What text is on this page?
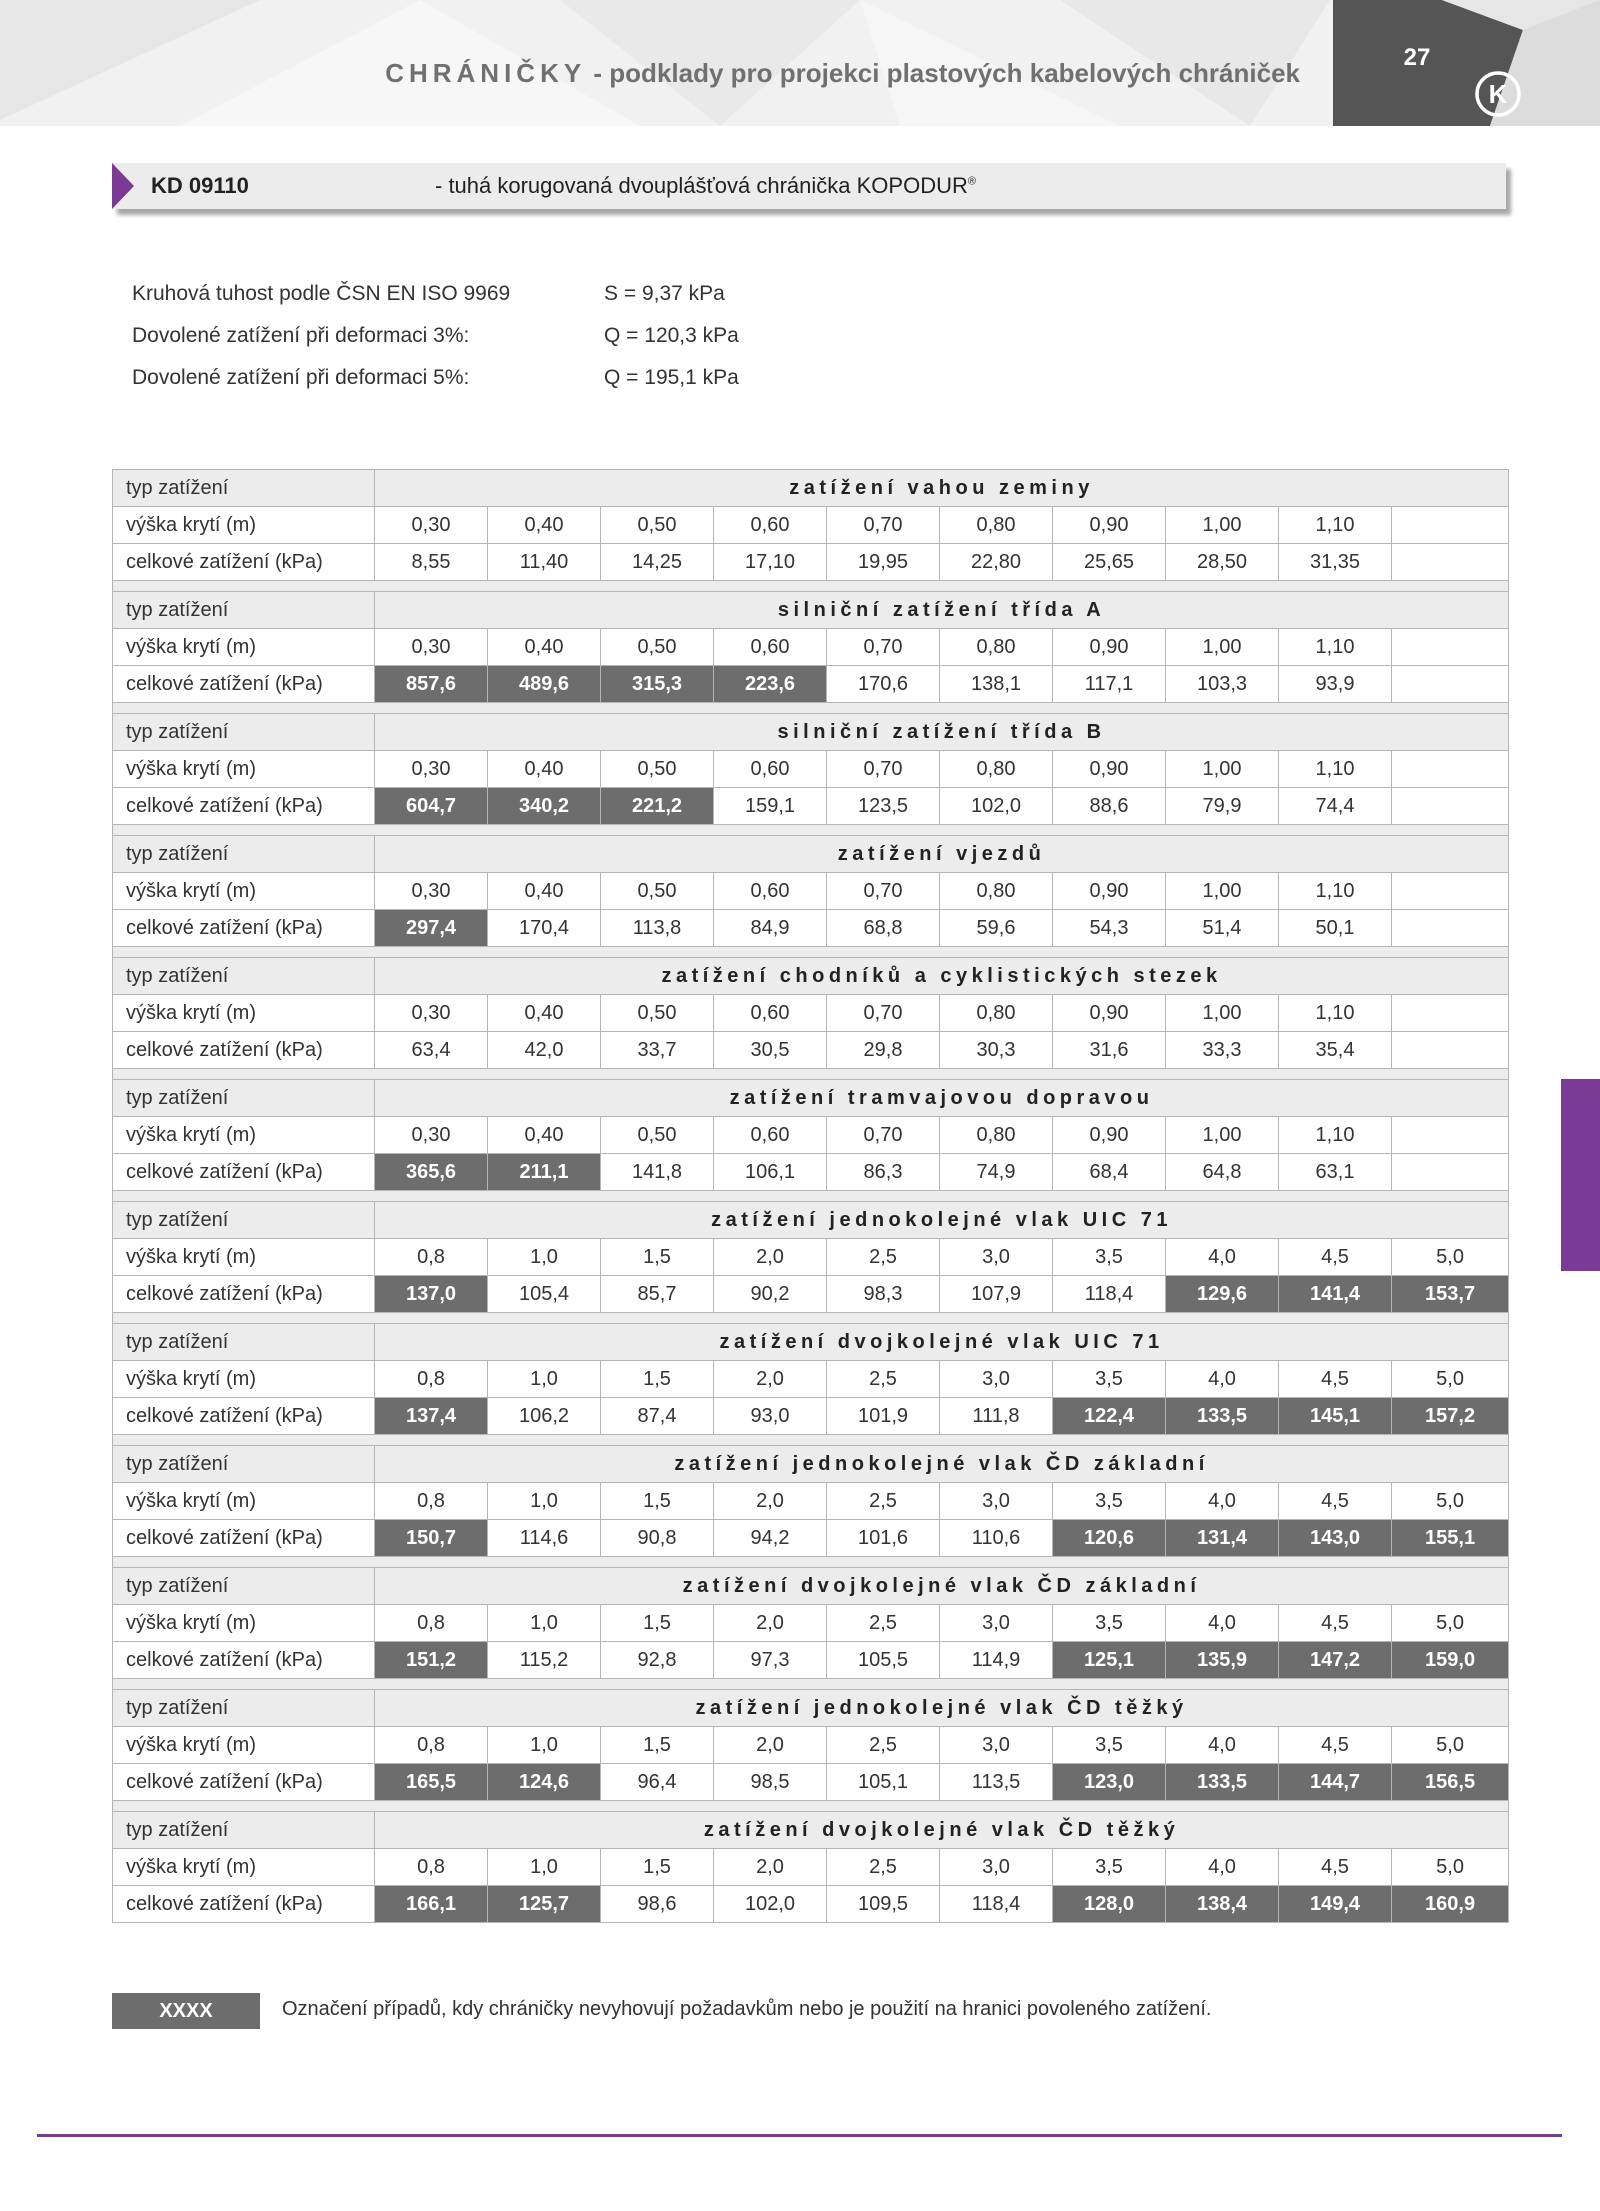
CHRÁNIČKY - podklady pro projekci plastových kabelových chrániček
27
K
KD 09110	- tuhá korugovaná dvouplášťová chránička KOPODUR®
Kruhová tuhost podle ČSN EN ISO 9969	S = 9,37 kPa
Dovolené zatížení při deformaci 3%:	Q = 120,3 kPa
Dovolené zatížení při deformaci 5%:	Q = 195,1 kPa
typ zatížení	zatížení vahou zeminy									
výška krytí (m)	0,30	0,40	0,50	0,60	0,70	0,80	0,90	1,00	1,10	
celkové zatížení (kPa)	8,55	11,40	14,25	17,10	19,95	22,80	25,65	28,50	31,35	

typ zatížení	silniční zatížení třída A									
výška krytí (m)	0,30	0,40	0,50	0,60	0,70	0,80	0,90	1,00	1,10	
celkové zatížení (kPa)	857,6	489,6	315,3	223,6	170,6	138,1	117,1	103,3	93,9	

typ zatížení	silniční zatížení třída B									
výška krytí (m)	0,30	0,40	0,50	0,60	0,70	0,80	0,90	1,00	1,10	
celkové zatížení (kPa)	604,7	340,2	221,2	159,1	123,5	102,0	88,6	79,9	74,4	

typ zatížení	zatížení vjezdů									
výška krytí (m)	0,30	0,40	0,50	0,60	0,70	0,80	0,90	1,00	1,10	
celkové zatížení (kPa)	297,4	170,4	113,8	84,9	68,8	59,6	54,3	51,4	50,1	

typ zatížení	zatížení chodníků a cyklistických stezek									
výška krytí (m)	0,30	0,40	0,50	0,60	0,70	0,80	0,90	1,00	1,10	
celkové zatížení (kPa)	63,4	42,0	33,7	30,5	29,8	30,3	31,6	33,3	35,4	

typ zatížení	zatížení tramvajovou dopravou									
výška krytí (m)	0,30	0,40	0,50	0,60	0,70	0,80	0,90	1,00	1,10	
celkové zatížení (kPa)	365,6	211,1	141,8	106,1	86,3	74,9	68,4	64,8	63,1	

typ zatížení	zatížení jednokolejné vlak UIC 71									
výška krytí (m)	0,8	1,0	1,5	2,0	2,5	3,0	3,5	4,0	4,5	5,0
celkové zatížení (kPa)	137,0	105,4	85,7	90,2	98,3	107,9	118,4	129,6	141,4	153,7

typ zatížení	zatížení dvojkolejné vlak UIC 71									
výška krytí (m)	0,8	1,0	1,5	2,0	2,5	3,0	3,5	4,0	4,5	5,0
celkové zatížení (kPa)	137,4	106,2	87,4	93,0	101,9	111,8	122,4	133,5	145,1	157,2

typ zatížení	zatížení jednokolejné vlak ČD základní									
výška krytí (m)	0,8	1,0	1,5	2,0	2,5	3,0	3,5	4,0	4,5	5,0
celkové zatížení (kPa)	150,7	114,6	90,8	94,2	101,6	110,6	120,6	131,4	143,0	155,1

typ zatížení	zatížení dvojkolejné vlak ČD základní									
výška krytí (m)	0,8	1,0	1,5	2,0	2,5	3,0	3,5	4,0	4,5	5,0
celkové zatížení (kPa)	151,2	115,2	92,8	97,3	105,5	114,9	125,1	135,9	147,2	159,0

typ zatížení	zatížení jednokolejné vlak ČD těžký									
výška krytí (m)	0,8	1,0	1,5	2,0	2,5	3,0	3,5	4,0	4,5	5,0
celkové zatížení (kPa)	165,5	124,6	96,4	98,5	105,1	113,5	123,0	133,5	144,7	156,5

typ zatížení	zatížení dvojkolejné vlak ČD těžký									
výška krytí (m)	0,8	1,0	1,5	2,0	2,5	3,0	3,5	4,0	4,5	5,0
celkové zatížení (kPa)	166,1	125,7	98,6	102,0	109,5	118,4	128,0	138,4	149,4	160,9
XXXX	Označení případů, kdy chráničky nevyhovují požadavkům nebo je použití na hranici povoleného zatížení.
